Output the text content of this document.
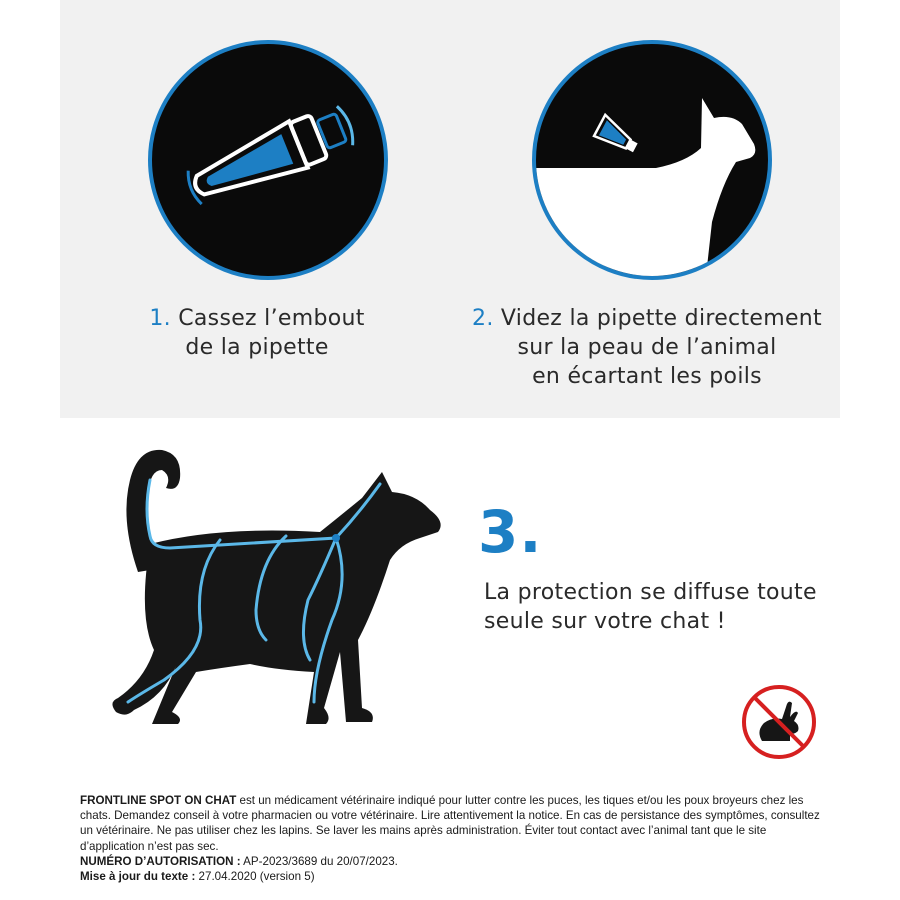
1. Cassez l’embout
de la pipette
2. Videz la pipette directement
sur la peau de l’animal
en écartant les poils
3.
La protection se diffuse toute
seule sur votre chat !

FRONTLINE SPOT ON CHAT est un médicament vétérinaire indiqué pour lutter contre les puces, les tiques et/ou les poux broyeurs chez les chats. Demandez conseil à votre pharmacien ou votre vétérinaire. Lire attentivement la notice. En cas de persistance des symptômes, consultez un vétérinaire. Ne pas utiliser chez les lapins. Se laver les mains après administration. Éviter tout contact avec l’animal tant que le site d’application n’est pas sec.

NUMÉRO D’AUTORISATION : AP-2023/3689 du 20/07/2023.

Mise à jour du texte : 27.04.2020 (version 5)
